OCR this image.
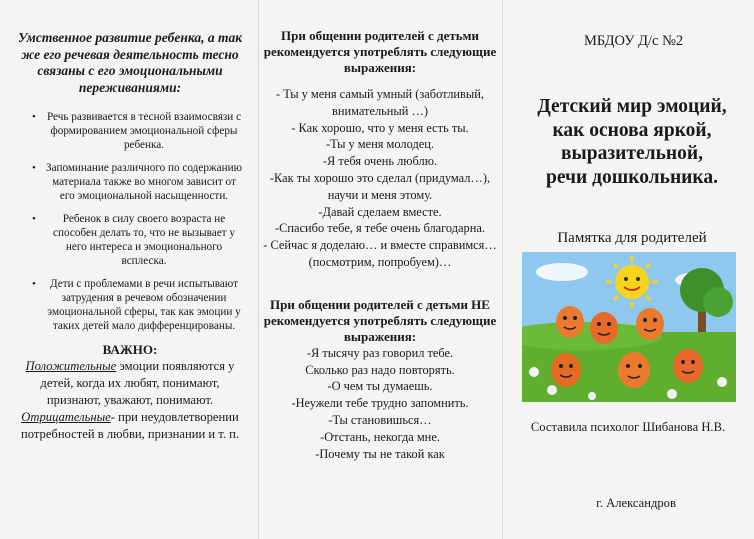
Умственное развитие ребенка, а так же его речевая деятельность тесно связаны с его эмоциональными переживаниями:

• Речь развивается в тесной взаимосвязи с формированием эмоциональной сферы ребенка.
• Запоминание различного по содержанию материала также во многом зависит от его эмоциональной насыщенности.
• Ребенок в силу своего возраста не способен делать то, что не вызывает у него интереса и эмоционального всплеска.
• Дети с проблемами в речи испытывают затрудения в речевом обозначении эмоциональной сферы, так как эмоции у таких детей мало дифференцированы.
ВАЖНО:
Положительные эмоции появляются у детей, когда их любят, понимают, признают, уважают, понимают.
Отрицательные- при неудовлетворении потребностей в любви, признании и т. п.
При общении родителей с детьми рекомендуется употреблять следующие выражения:
- Ты у меня самый умный (заботливый, внимательный …)
- Как хорошо, что у меня есть ты.
-Ты у меня молодец.
-Я тебя очень люблю.
-Как ты хорошо это сделал (придумал…), научи и меня этому.
-Давай сделаем вместе.
-Спасибо тебе, я тебе очень благодарна.
- Сейчас я доделаю… и вместе справимся…(посмотрим, попробуем)…
При общении родителей с детьми НЕ рекомендуется употреблять следующие выражения:
-Я тысячу раз говорил тебе.
Сколько раз надо повторять.
-О чем ты думаешь.
-Неужели тебе трудно запомнить.
-Ты становишься…
-Отстань, некогда мне.
-Почему ты не такой как
МБДОУ Д/с №2
Детский мир эмоций,
как основа яркой,
выразительной,
речи дошкольника.
Памятка для родителей
Составила психолог Шибанова Н.В.
г. Александров
